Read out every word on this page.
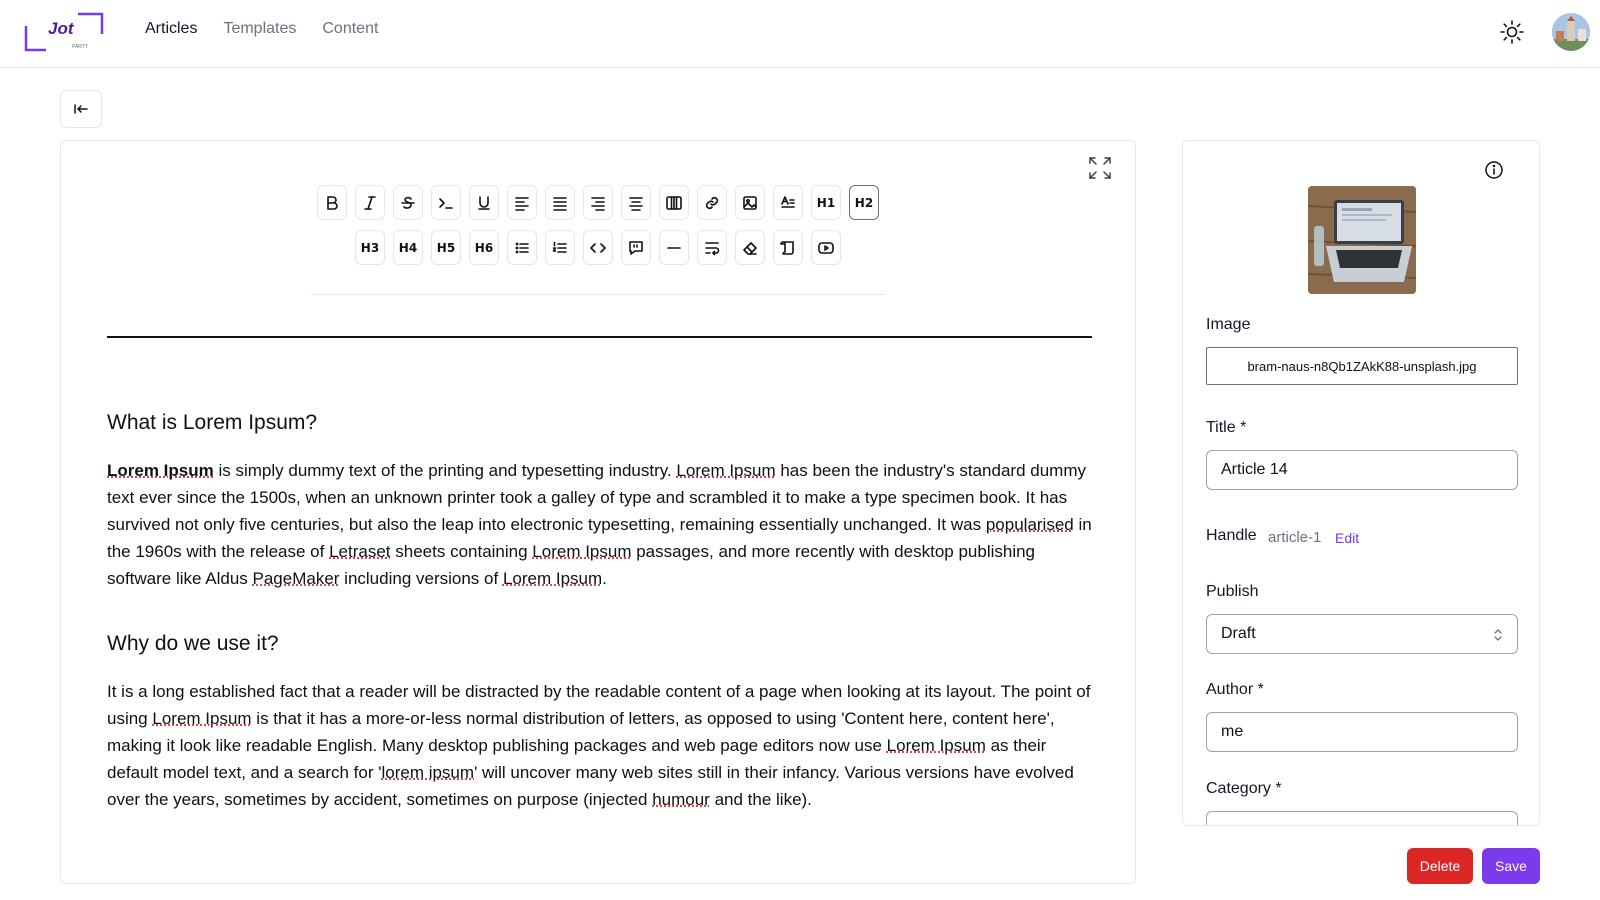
Jot
PARTY
Articles Templates Content
H1 H2
H3 H4 H5 H6
What is Lorem Ipsum?

Lorem Ipsum is simply dummy text of the printing and typesetting industry. Lorem Ipsum has been the industry's standard dummy text ever since the 1500s, when an unknown printer took a galley of type and scrambled it to make a type specimen book. It has survived not only five centuries, but also the leap into electronic typesetting, remaining essentially unchanged. It was popularised in the 1960s with the release of Letraset sheets containing Lorem Ipsum passages, and more recently with desktop publishing software like Aldus PageMaker including versions of Lorem Ipsum.

Why do we use it?

It is a long established fact that a reader will be distracted by the readable content of a page when looking at its layout. The point of using Lorem Ipsum is that it has a more-or-less normal distribution of letters, as opposed to using 'Content here, content here', making it look like readable English. Many desktop publishing packages and web page editors now use Lorem Ipsum as their default model text, and a search for 'lorem ipsum' will uncover many web sites still in their infancy. Various versions have evolved over the years, sometimes by accident, sometimes on purpose (injected humour and the like).

Image
bram-naus-n8Qb1ZAkK88-unsplash.jpg
Title *
Article 14
Handle article-1 Edit
Publish
Draft
Author *
me
Category *
Delete	Save
